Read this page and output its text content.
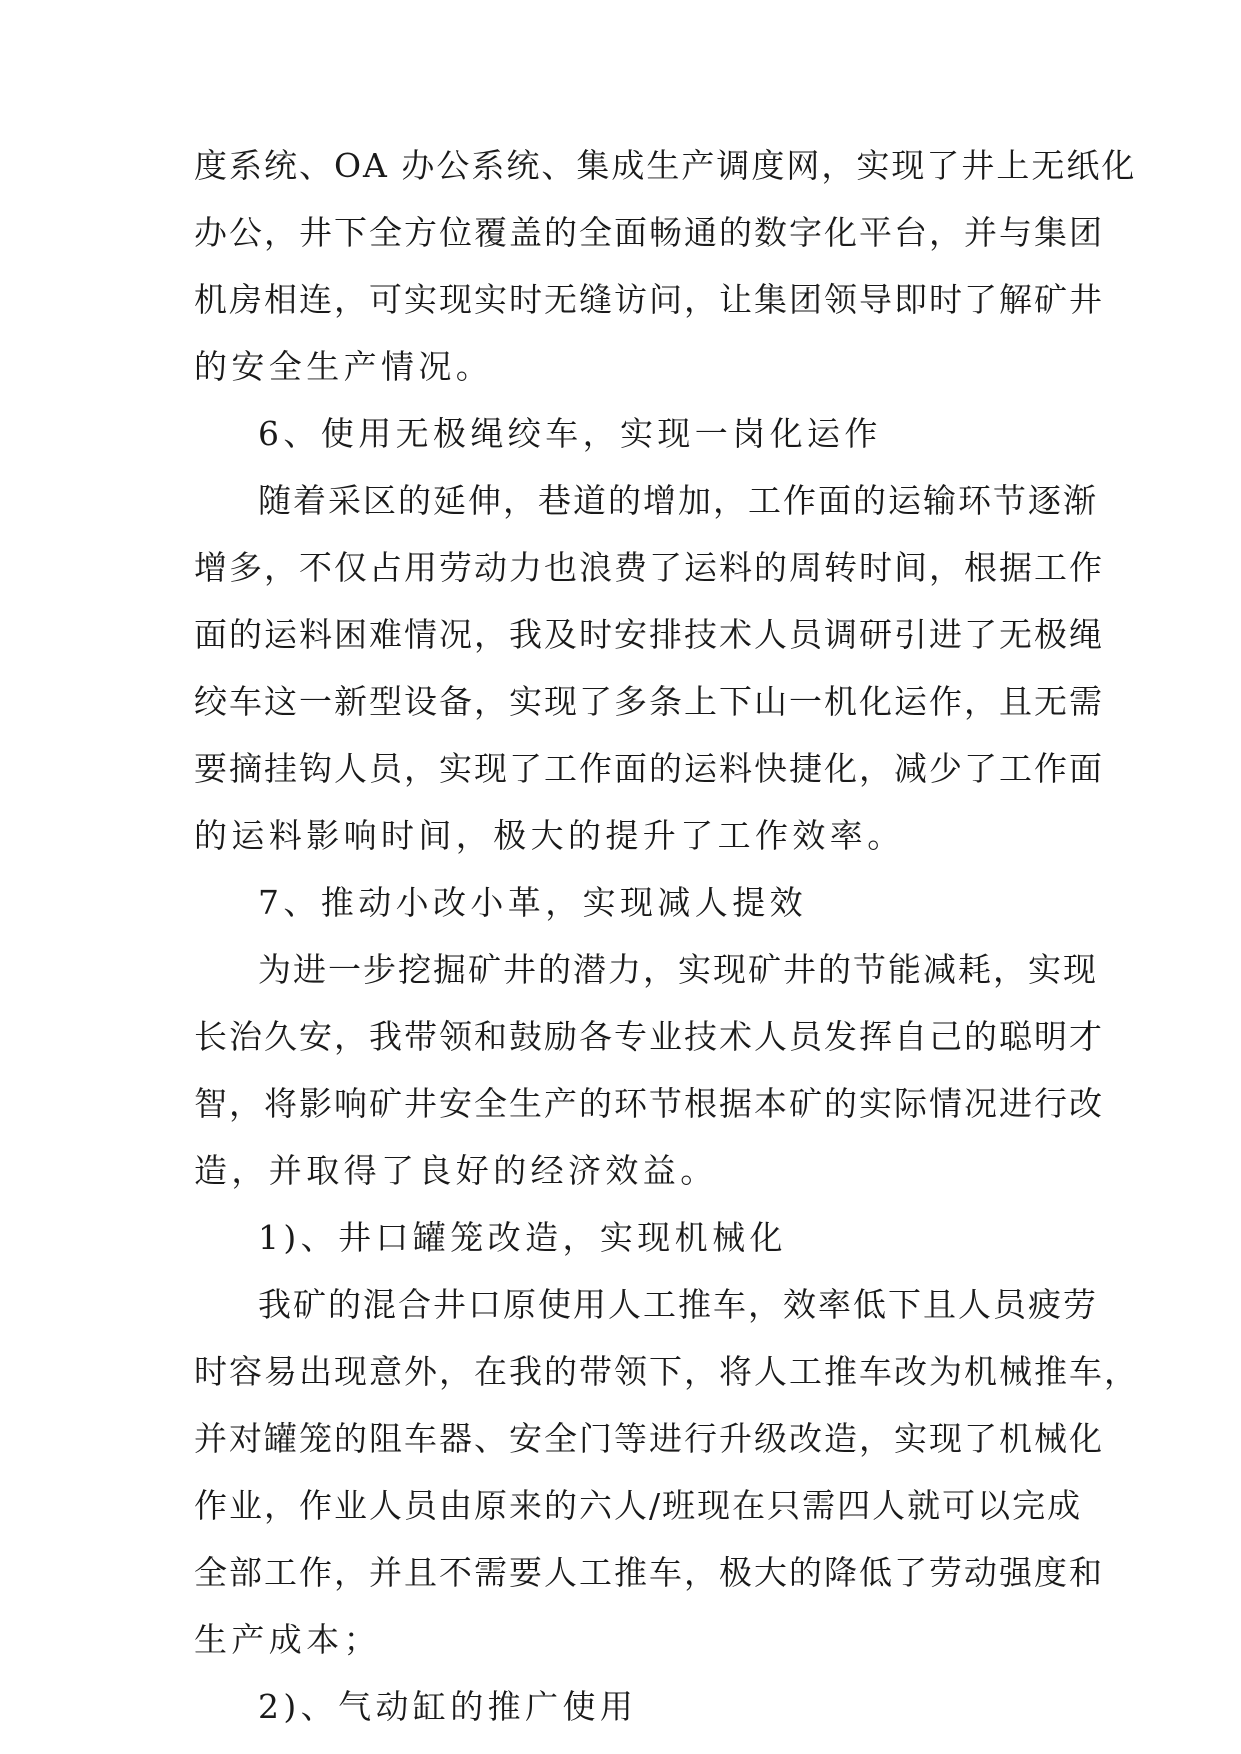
度系统、OA 办公系统、集成生产调度网，实现了井上无纸化
办公，井下全方位覆盖的全面畅通的数字化平台，并与集团
机房相连，可实现实时无缝访问，让集团领导即时了解矿井
的安全生产情况。
6、使用无极绳绞车，实现一岗化运作
随着采区的延伸，巷道的增加，工作面的运输环节逐渐
增多，不仅占用劳动力也浪费了运料的周转时间，根据工作
面的运料困难情况，我及时安排技术人员调研引进了无极绳
绞车这一新型设备，实现了多条上下山一机化运作，且无需
要摘挂钩人员，实现了工作面的运料快捷化，减少了工作面
的运料影响时间，极大的提升了工作效率。
7、推动小改小革，实现减人提效
为进一步挖掘矿井的潜力，实现矿井的节能减耗，实现
长治久安，我带领和鼓励各专业技术人员发挥自己的聪明才
智，将影响矿井安全生产的环节根据本矿的实际情况进行改
造，并取得了良好的经济效益。
1)、井口罐笼改造，实现机械化
我矿的混合井口原使用人工推车，效率低下且人员疲劳
时容易出现意外，在我的带领下，将人工推车改为机械推车，
并对罐笼的阻车器、安全门等进行升级改造，实现了机械化
作业，作业人员由原来的六人/班现在只需四人就可以完成
全部工作，并且不需要人工推车，极大的降低了劳动强度和
生产成本；
2)、气动缸的推广使用
